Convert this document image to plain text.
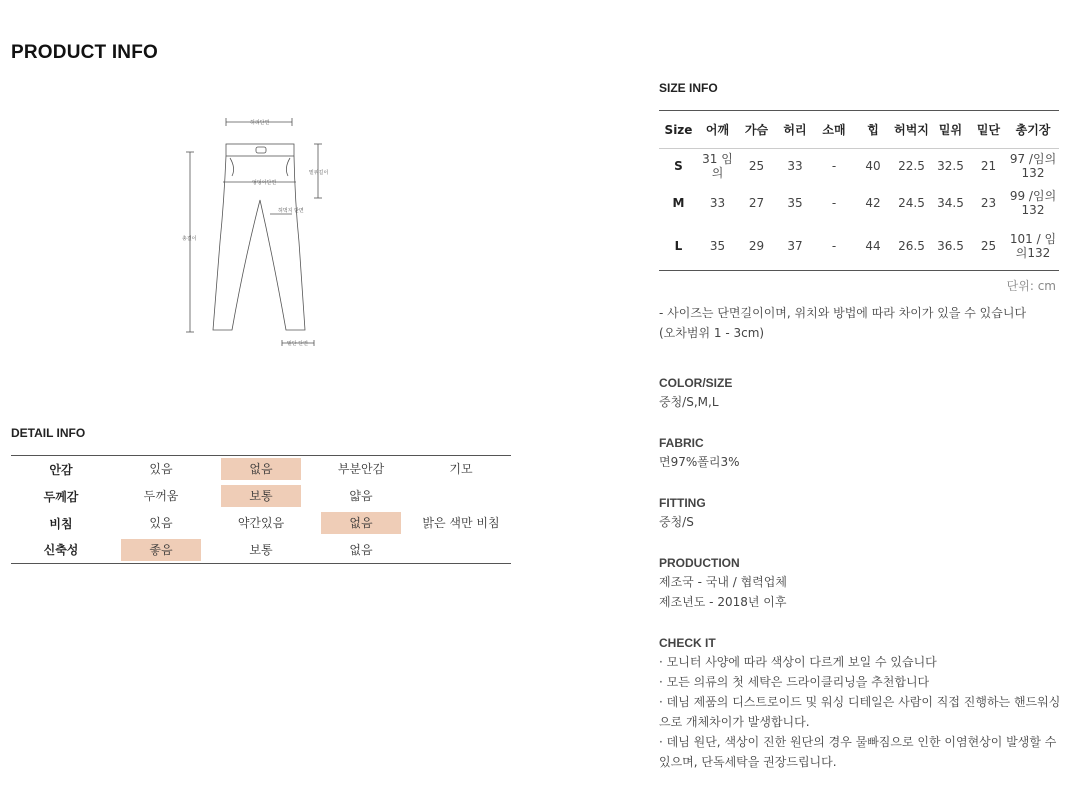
PRODUCT INFO
허리단면
엉덩이단면
밑위길이
허벅지 단면
총길이
밑단 단면
DETAIL INFO
안감	있음	없음	부분안감	기모

두께감	두꺼움	보통	얇음	

비침	있음	약간있음	없음	밝은 색만 비침

신축성	좋음	보통	없음	

SIZE INFO
Size	어깨	가슴	허리	소매	힙	허벅지	밑위	밑단	총기장
S	31 임의	25	33	-	40	22.5	32.5	21	97 /임의132
M	33	27	35	-	42	24.5	34.5	23	99 /임의132
L	35	29	37	-	44	26.5	36.5	25	101 / 임의132
단위: cm
- 사이즈는 단면길이이며, 위치와 방법에 따라 차이가 있을 수 있습니다
(오차범위 1 - 3cm)
COLOR/SIZE
중청/S,M,L
FABRIC
면97%폴리3%
FITTING
중청/S
PRODUCTION
제조국 - 국내 / 협력업체
제조년도 - 2018년 이후
CHECK IT
· 모니터 사양에 따라 색상이 다르게 보일 수 있습니다
· 모든 의류의 첫 세탁은 드라이클리닝을 추천합니다
· 데님 제품의 디스트로이드 및 워싱 디테일은 사람이 직접 진행하는 핸드워싱으로 개체차이가 발생합니다.
· 데님 원단, 색상이 진한 원단의 경우 물빠짐으로 인한 이염현상이 발생할 수 있으며, 단독세탁을 권장드립니다.
